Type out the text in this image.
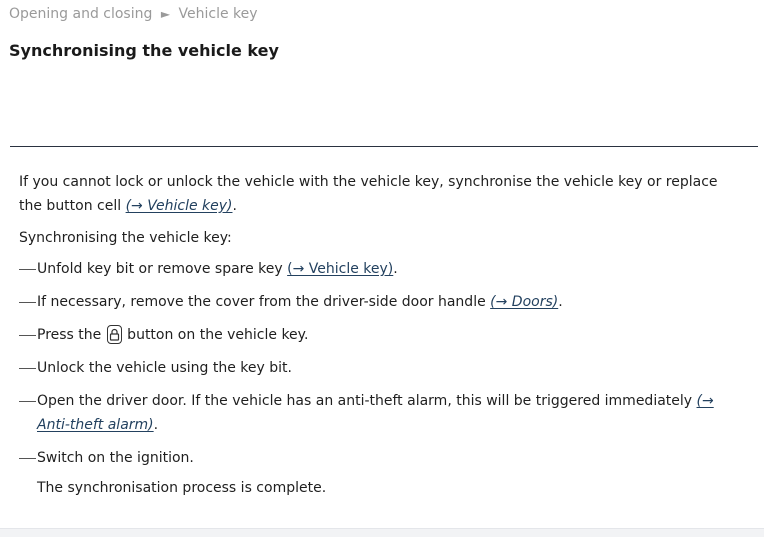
Opening and closing ► Vehicle key
Synchronising the vehicle key

If you cannot lock or unlock the vehicle with the vehicle key, synchronise the vehicle key or replace the button cell (→ Vehicle key).

Synchronising the vehicle key:

Unfold key bit or remove spare key (→ Vehicle key).
If necessary, remove the cover from the driver-side door handle (→ Doors).
Press the
button on the vehicle key.
Unlock the vehicle using the key bit.
Open the driver door. If the vehicle has an anti-theft alarm, this will be triggered immediately (→ Anti-theft alarm).
Switch on the ignition.

The synchronisation process is complete.
